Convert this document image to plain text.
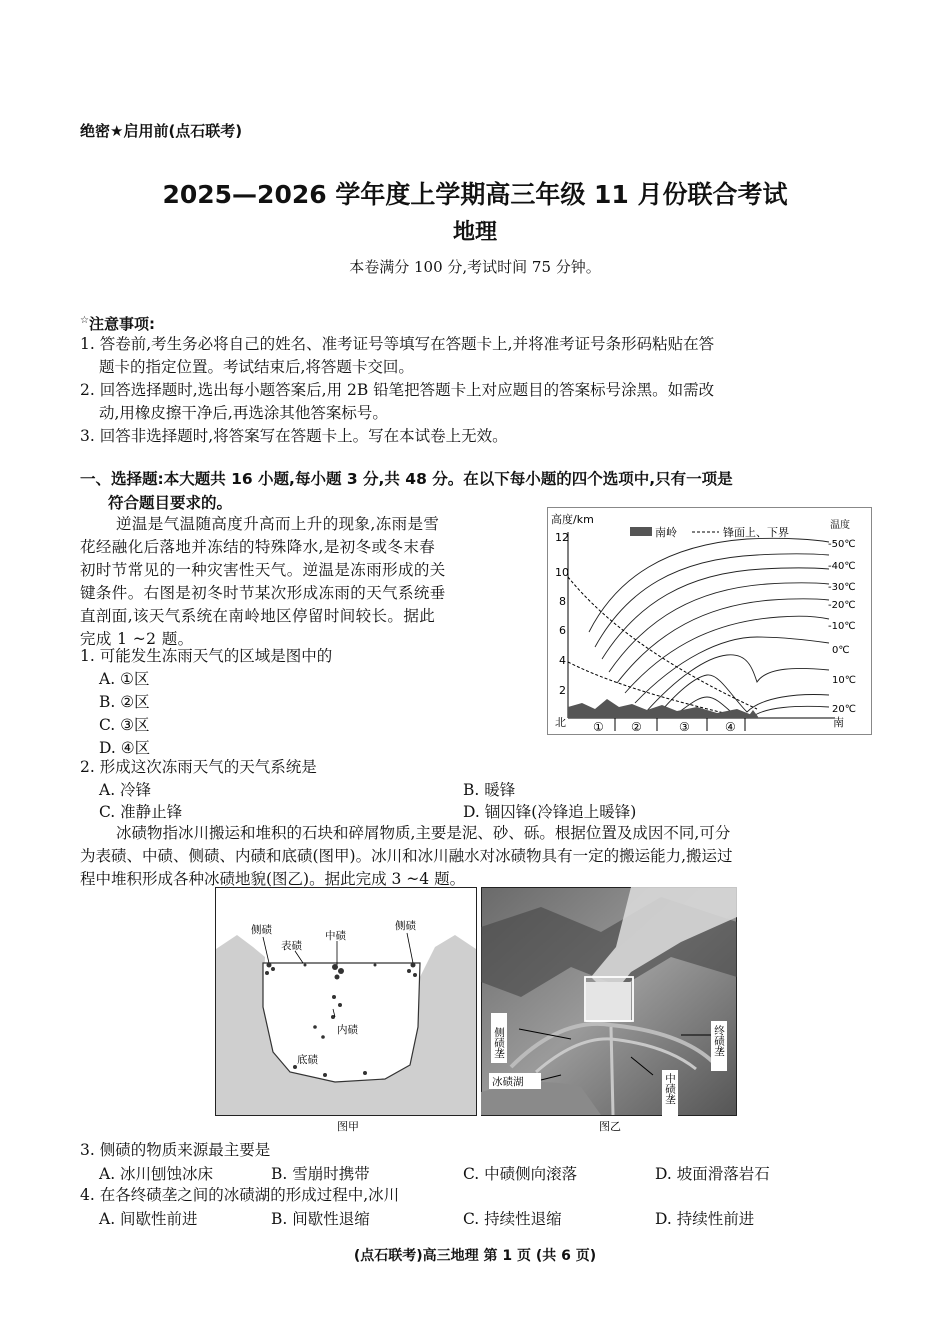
绝密★启用前(点石联考)
2025—2026 学年度上学期高三年级 11 月份联合考试
地理
本卷满分 100 分,考试时间 75 分钟。
☆注意事项:
1. 答卷前,考生务必将自己的姓名、准考证号等填写在答题卡上,并将准考证号条形码粘贴在答
题卡的指定位置。考试结束后,将答题卡交回。
2. 回答选择题时,选出每小题答案后,用 2B 铅笔把答题卡上对应题目的答案标号涂黑。如需改
动,用橡皮擦干净后,再选涂其他答案标号。
3. 回答非选择题时,将答案写在答题卡上。写在本试卷上无效。
一、选择题:本大题共 16 小题,每小题 3 分,共 48 分。在以下每小题的四个选项中,只有一项是
符合题目要求的。
逆温是气温随高度升高而上升的现象,冻雨是雪
花经融化后落地并冻结的特殊降水,是初冬或冬末春
初时节常见的一种灾害性天气。逆温是冻雨形成的关
键条件。右图是初冬时节某次形成冻雨的天气系统垂
直剖面,该天气系统在南岭地区停留时间较长。据此
完成 1 ~2 题。
1. 可能发生冻雨天气的区域是图中的
A. ①区
B. ②区
C. ③区
D. ④区
2. 形成这次冻雨天气的天气系统是
A. 冷锋	B. 暖锋
C. 准静止锋	D. 锢囚锋(冷锋追上暖锋)
高度/km
12
10
8
6
4
2
南岭	锋面上、下界
温度
-50℃
-40℃
-30℃
-20℃
-10℃
0℃
10℃
20℃
北	南
① ②	③	④
冰碛物指冰川搬运和堆积的石块和碎屑物质,主要是泥、砂、砾。根据位置及成因不同,可分
为表碛、中碛、侧碛、内碛和底碛(图甲)。冰川和冰川融水对冰碛物具有一定的搬运能力,搬运过
程中堆积形成各种冰碛地貌(图乙)。据此完成 3 ~4 题。
侧碛
表碛
中碛
侧碛
内碛
底碛
图甲
侧碛垄
冰碛湖
终碛垄
中碛垄
图乙
3. 侧碛的物质来源最主要是
A. 冰川刨蚀冰床	B. 雪崩时携带	C. 中碛侧向滚落	D. 坡面滑落岩石
4. 在各终碛垄之间的冰碛湖的形成过程中,冰川
A. 间歇性前进	B. 间歇性退缩	C. 持续性退缩	D. 持续性前进
(点石联考)高三地理 第 1 页 (共 6 页)
